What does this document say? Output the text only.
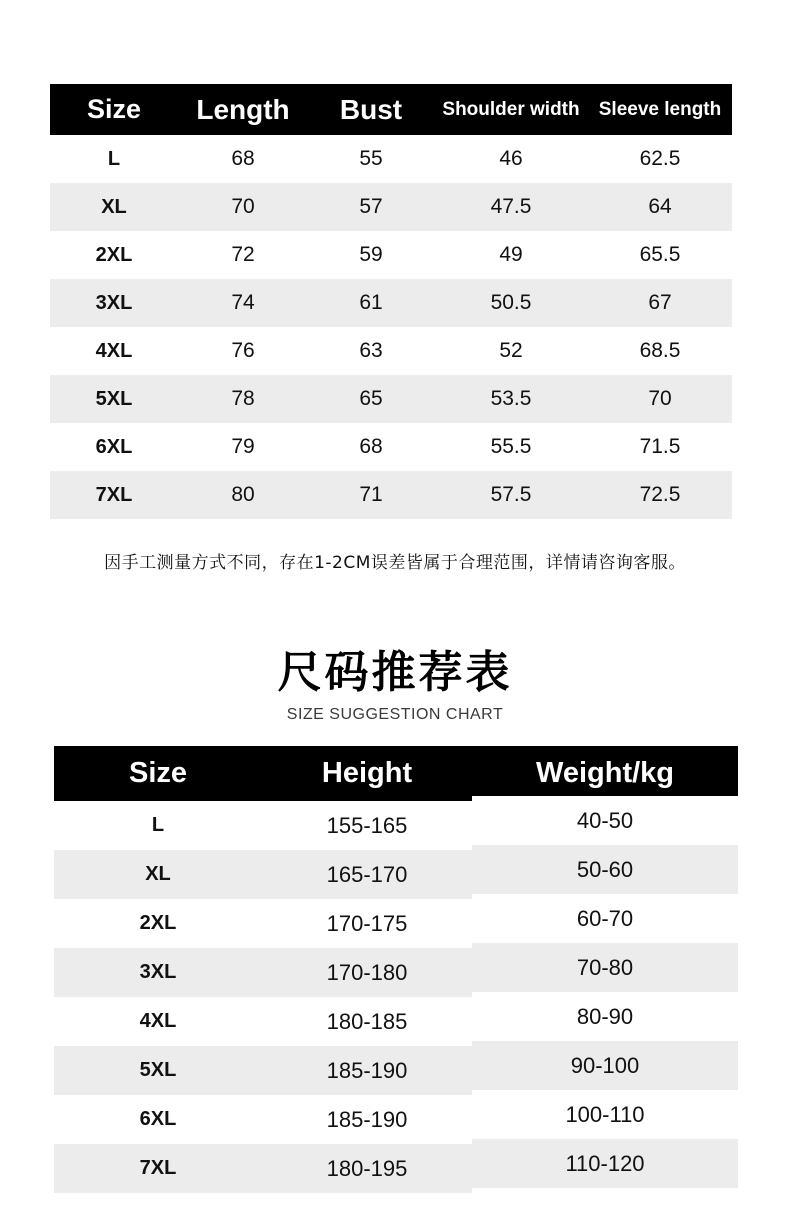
Size	Length	Bust	Shoulder width	Sleeve length
L	68	55	46	62.5
XL	70	57	47.5	64
2XL	72	59	49	65.5
3XL	74	61	50.5	67
4XL	76	63	52	68.5
5XL	78	65	53.5	70
6XL	79	68	55.5	71.5
7XL	80	71	57.5	72.5
因手工测量方式不同，存在1-2CM误差皆属于合理范围，详情请咨询客服。
尺码推荐表
SIZE SUGGESTION CHART
Size	Height	Weight/kg
L	155-165	40-50
XL	165-170	50-60
2XL	170-175	60-70
3XL	170-180	70-80
4XL	180-185	80-90
5XL	185-190	90-100
6XL	185-190	100-110
7XL	180-195	110-120
